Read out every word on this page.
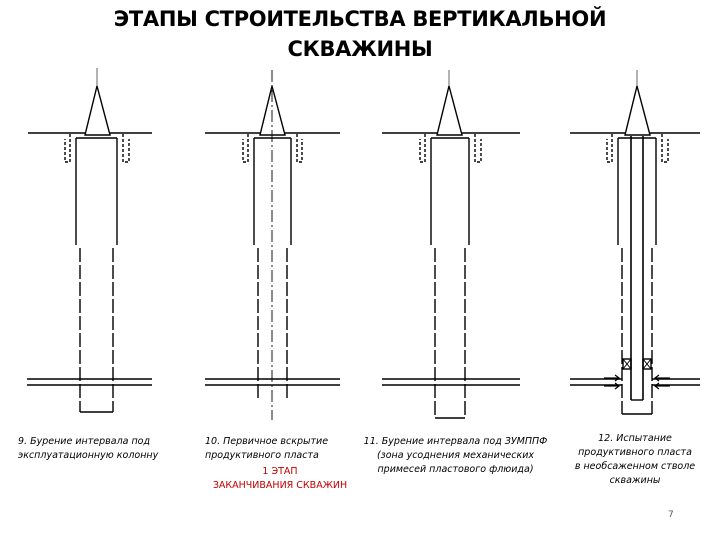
ЭТАПЫ СТРОИТЕЛЬСТВА ВЕРТИКАЛЬНОЙ
СКВАЖИНЫ
9. Бурение интервала под
эксплуатационную колонну
10. Первичное вскрытие
продуктивного пласта
1 ЭТАП
ЗАКАНЧИВАНИЯ СКВАЖИН
11. Бурение интервала под ЗУМППФ
(зона усоднения механических
примесей пластового флюида)
12. Испытание
продуктивного пласта
в необсаженном стволе
скважины
7
